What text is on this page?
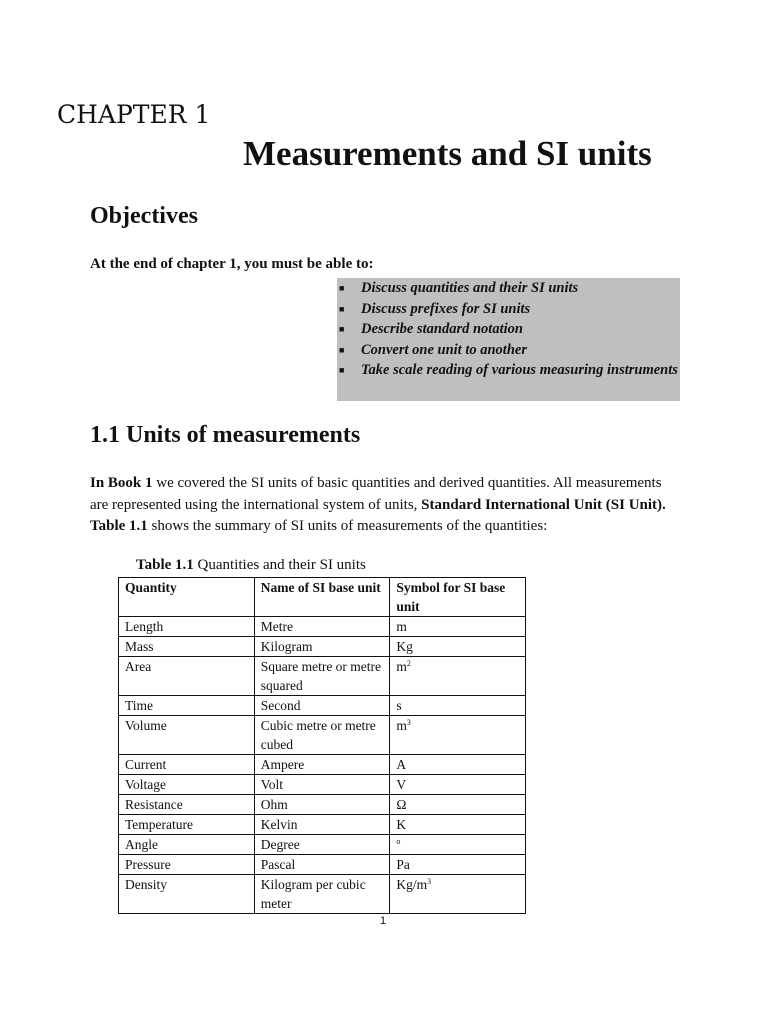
CHAPTER 1
Measurements and SI units
Objectives

At the end of chapter 1, you must be able to:

■ Discuss quantities and their SI units
■ Discuss prefixes for SI units
■ Describe standard notation
■ Convert one unit to another
■ Take scale reading of various measuring instruments
1.1 Units of measurements

In Book 1 we covered the SI units of basic quantities and derived quantities. All measurements are represented using the international system of units, Standard International Unit (SI Unit).
Table 1.1 shows the summary of SI units of measurements of the quantities:

Table 1.1 Quantities and their SI units

Quantity	Name of SI base unit	Symbol for SI base unit
Length	Metre	m
Mass	Kilogram	Kg
Area	Square metre or metre squared	$m^2$
Time	Second	s
Volume	Cubic metre or metre cubed	$m^3$
Current	Ampere	A
Voltage	Volt	V
Resistance	Ohm	Ω
Temperature	Kelvin	K
Angle	Degree	$^o$
Pressure	Pascal	Pa
Density	Kilogram per cubic meter	$Kg/m^3$
1
